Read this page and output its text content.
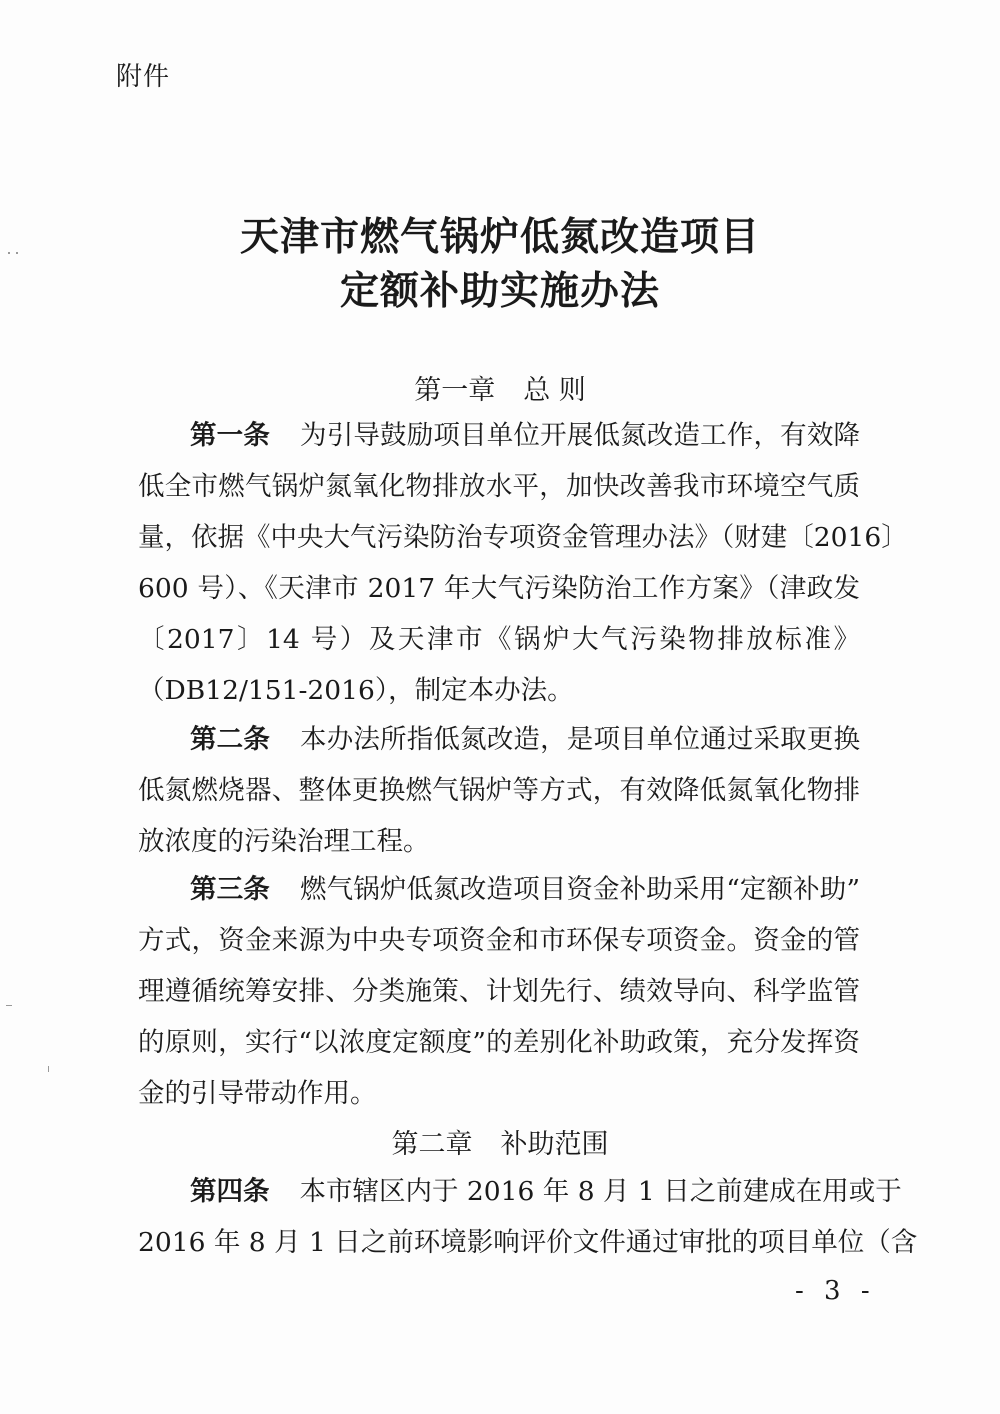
附件
天津市燃气锅炉低氮改造项目
定额补助实施办法
第一章 总 则
第一条 为引导鼓励项目单位开展低氮改造工作，有效降
低全市燃气锅炉氮氧化物排放水平，加快改善我市环境空气质
量，依据《中央大气污染防治专项资金管理办法》（财建〔2016〕
600 号）、《天津市 2017 年大气污染防治工作方案》（津政发
〔2017〕14 号）及天津市《锅炉大气污染物排放标准》
（DB12/151-2016），制定本办法。
第二条 本办法所指低氮改造，是项目单位通过采取更换
低氮燃烧器、整体更换燃气锅炉等方式，有效降低氮氧化物排
放浓度的污染治理工程。
第三条 燃气锅炉低氮改造项目资金补助采用“定额补助”
方式，资金来源为中央专项资金和市环保专项资金。资金的管
理遵循统筹安排、分类施策、计划先行、绩效导向、科学监管
的原则，实行“以浓度定额度”的差别化补助政策，充分发挥资
金的引导带动作用。
第二章 补助范围
第四条 本市辖区内于 2016 年 8 月 1 日之前建成在用或于
2016 年 8 月 1 日之前环境影响评价文件通过审批的项目单位（含
- 3 -
